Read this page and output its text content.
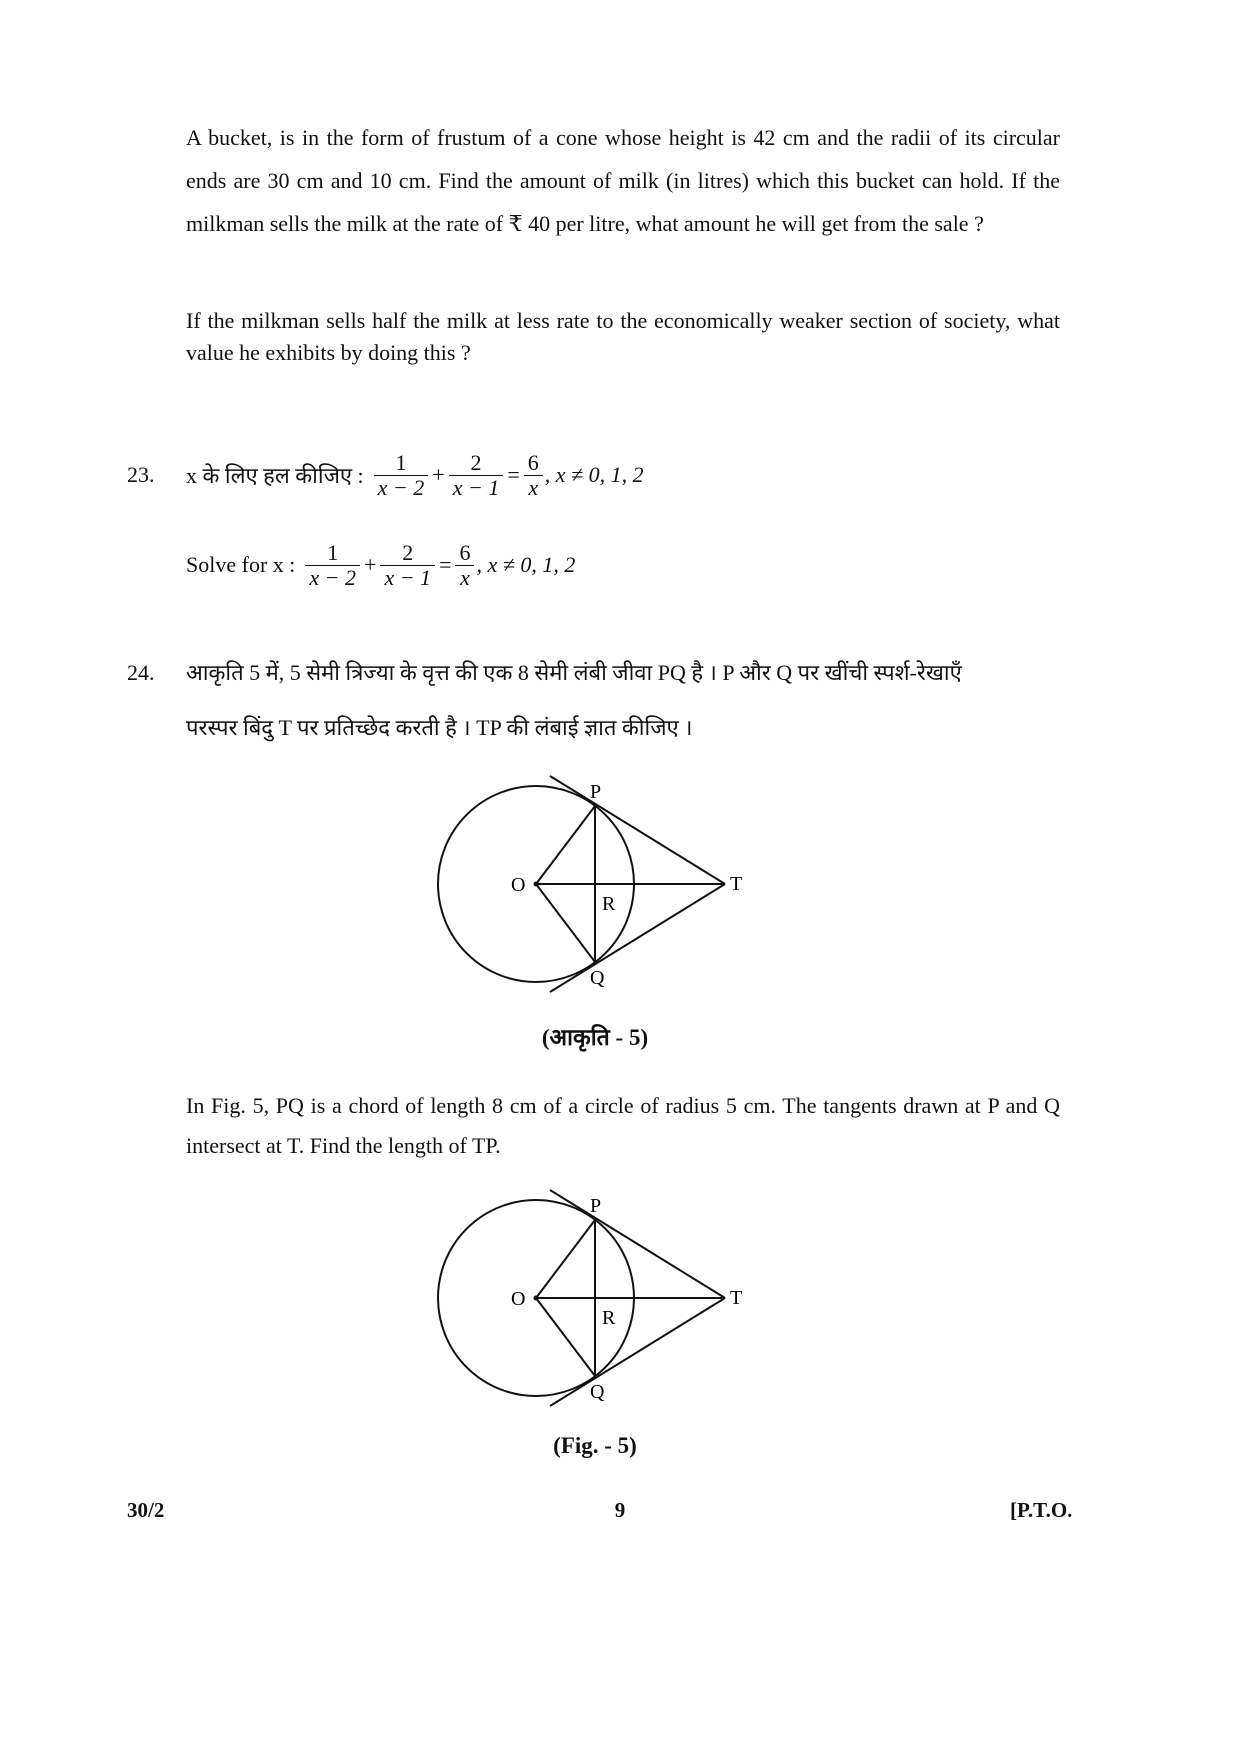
A bucket, is in the form of frustum of a cone whose height is 42 cm and the radii of its circular ends are 30 cm and 10 cm. Find the amount of milk (in litres) which this bucket can hold. If the milkman sells the milk at the rate of ₹ 40 per litre, what amount he will get from the sale ?
If the milkman sells half the milk at less rate to the economically weaker section of society, what value he exhibits by doing this ?
23. x के लिए हल कीजिए : $\frac{1}{x - 2} + \frac{2}{x - 1} = \frac{6}{x}$ , x ≠ 0, 1, 2
Solve for x : $\frac{1}{x - 2} + \frac{2}{x - 1} = \frac{6}{x}$ , x ≠ 0, 1, 2
24. आकृति 5 में, 5 सेमी त्रिज्या के वृत्त की एक 8 सेमी लंबी जीवा PQ है । P और Q पर खींची स्पर्श-रेखाएँ
परस्पर बिंदु T पर प्रतिच्छेद करती है । TP की लंबाई ज्ञात कीजिए ।
P
O
R
T
Q
(आकृति - 5)
In Fig. 5, PQ is a chord of length 8 cm of a circle of radius 5 cm. The tangents drawn at P and Q intersect at T. Find the length of TP.
P
O
R
T
Q
(Fig. - 5)
30/2	9	[P.T.O.
